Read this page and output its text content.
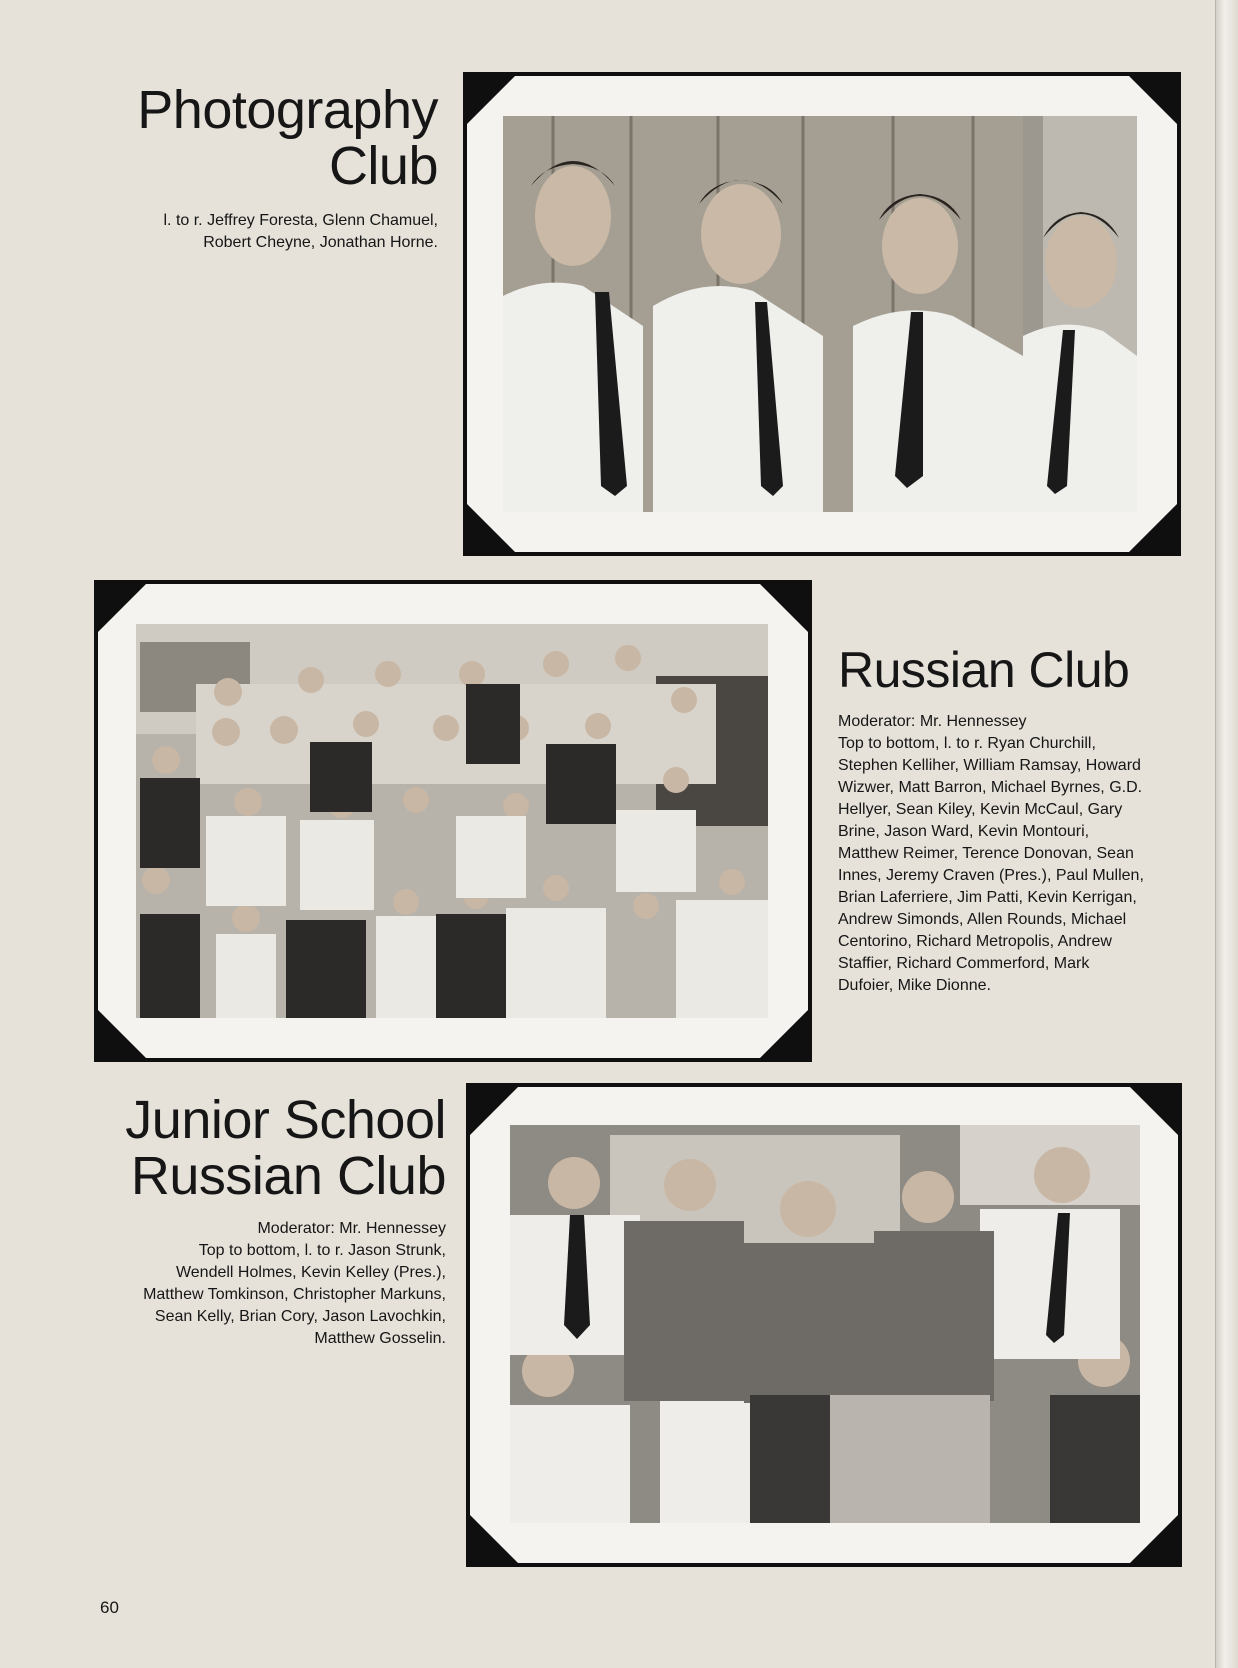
Photography
Club

l. to r. Jeffrey Foresta, Glenn Chamuel,
Robert Cheyne, Jonathan Horne.

Russian Club

Moderator: Mr. Hennessey
Top to bottom, l. to r. Ryan Churchill,
Stephen Kelliher, William Ramsay, Howard
Wizwer, Matt Barron, Michael Byrnes, G.D.
Hellyer, Sean Kiley, Kevin McCaul, Gary
Brine, Jason Ward, Kevin Montouri,
Matthew Reimer, Terence Donovan, Sean
Innes, Jeremy Craven (Pres.), Paul Mullen,
Brian Laferriere, Jim Patti, Kevin Kerrigan,
Andrew Simonds, Allen Rounds, Michael
Centorino, Richard Metropolis, Andrew
Staffier, Richard Commerford, Mark
Dufoier, Mike Dionne.

Junior School
Russian Club

Moderator: Mr. Hennessey
Top to bottom, l. to r. Jason Strunk,
Wendell Holmes, Kevin Kelley (Pres.),
Matthew Tomkinson, Christopher Markuns,
Sean Kelly, Brian Cory, Jason Lavochkin,
Matthew Gosselin.

60
